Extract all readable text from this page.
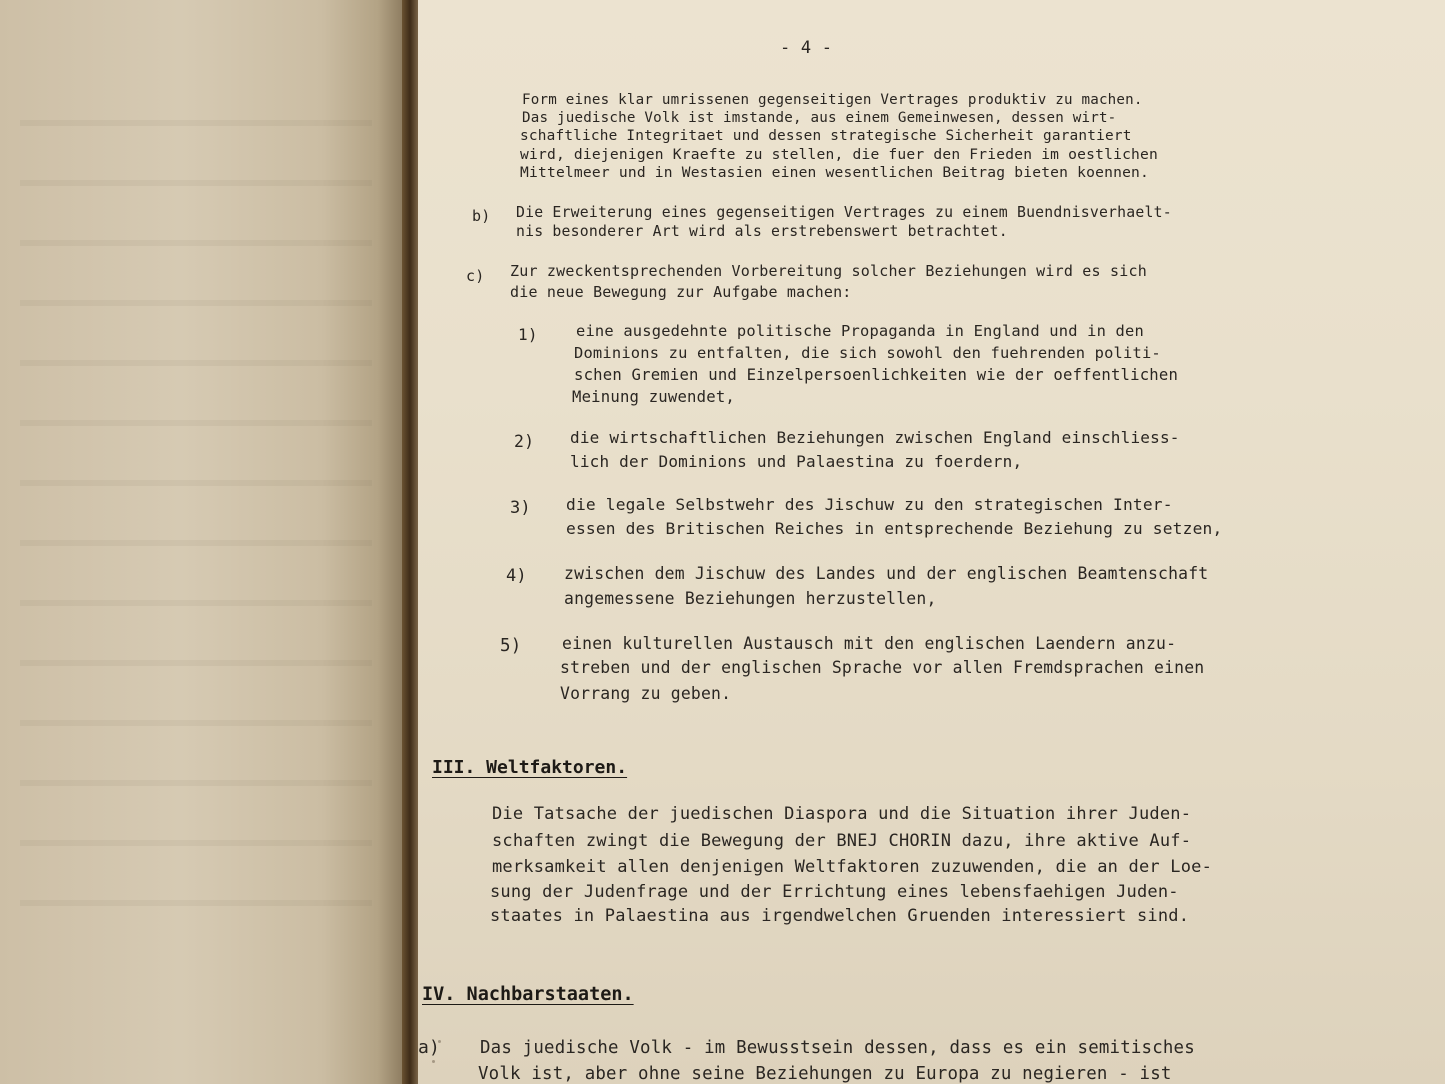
- 4 -

Form eines klar umrissenen gegenseitigen Vertrages produktiv zu machen.

Das juedische Volk ist imstande, aus einem Gemeinwesen, dessen wirt-

schaftliche Integritaet und dessen strategische Sicherheit garantiert

wird, diejenigen Kraefte zu stellen, die fuer den Frieden im oestlichen

Mittelmeer und in Westasien einen wesentlichen Beitrag bieten koennen.

b) Die Erweiterung eines gegenseitigen Vertrages zu einem Buendnisverhaelt-

nis besonderer Art wird als erstrebenswert betrachtet.

c) Zur zweckentsprechenden Vorbereitung solcher Beziehungen wird es sich

die neue Bewegung zur Aufgabe machen:

1) eine ausgedehnte politische Propaganda in England und in den

Dominions zu entfalten, die sich sowohl den fuehrenden politi-

schen Gremien und Einzelpersoenlichkeiten wie der oeffentlichen

Meinung zuwendet,

2) die wirtschaftlichen Beziehungen zwischen England einschliess-

lich der Dominions und Palaestina zu foerdern,

3) die legale Selbstwehr des Jischuw zu den strategischen Inter-

essen des Britischen Reiches in entsprechende Beziehung zu setzen,

4) zwischen dem Jischuw des Landes und der englischen Beamtenschaft

angemessene Beziehungen herzustellen,

5) einen kulturellen Austausch mit den englischen Laendern anzu-

streben und der englischen Sprache vor allen Fremdsprachen einen

Vorrang zu geben.

III. Weltfaktoren.

Die Tatsache der juedischen Diaspora und die Situation ihrer Juden-

schaften zwingt die Bewegung der BNEJ CHORIN dazu, ihre aktive Auf-

merksamkeit allen denjenigen Weltfaktoren zuzuwenden, die an der Loe-

sung der Judenfrage und der Errichtung eines lebensfaehigen Juden-

staates in Palaestina aus irgendwelchen Gruenden interessiert sind.

IV. Nachbarstaaten.

a) Das juedische Volk - im Bewusstsein dessen, dass es ein semitisches

Volk ist, aber ohne seine Beziehungen zu Europa zu negieren - ist
